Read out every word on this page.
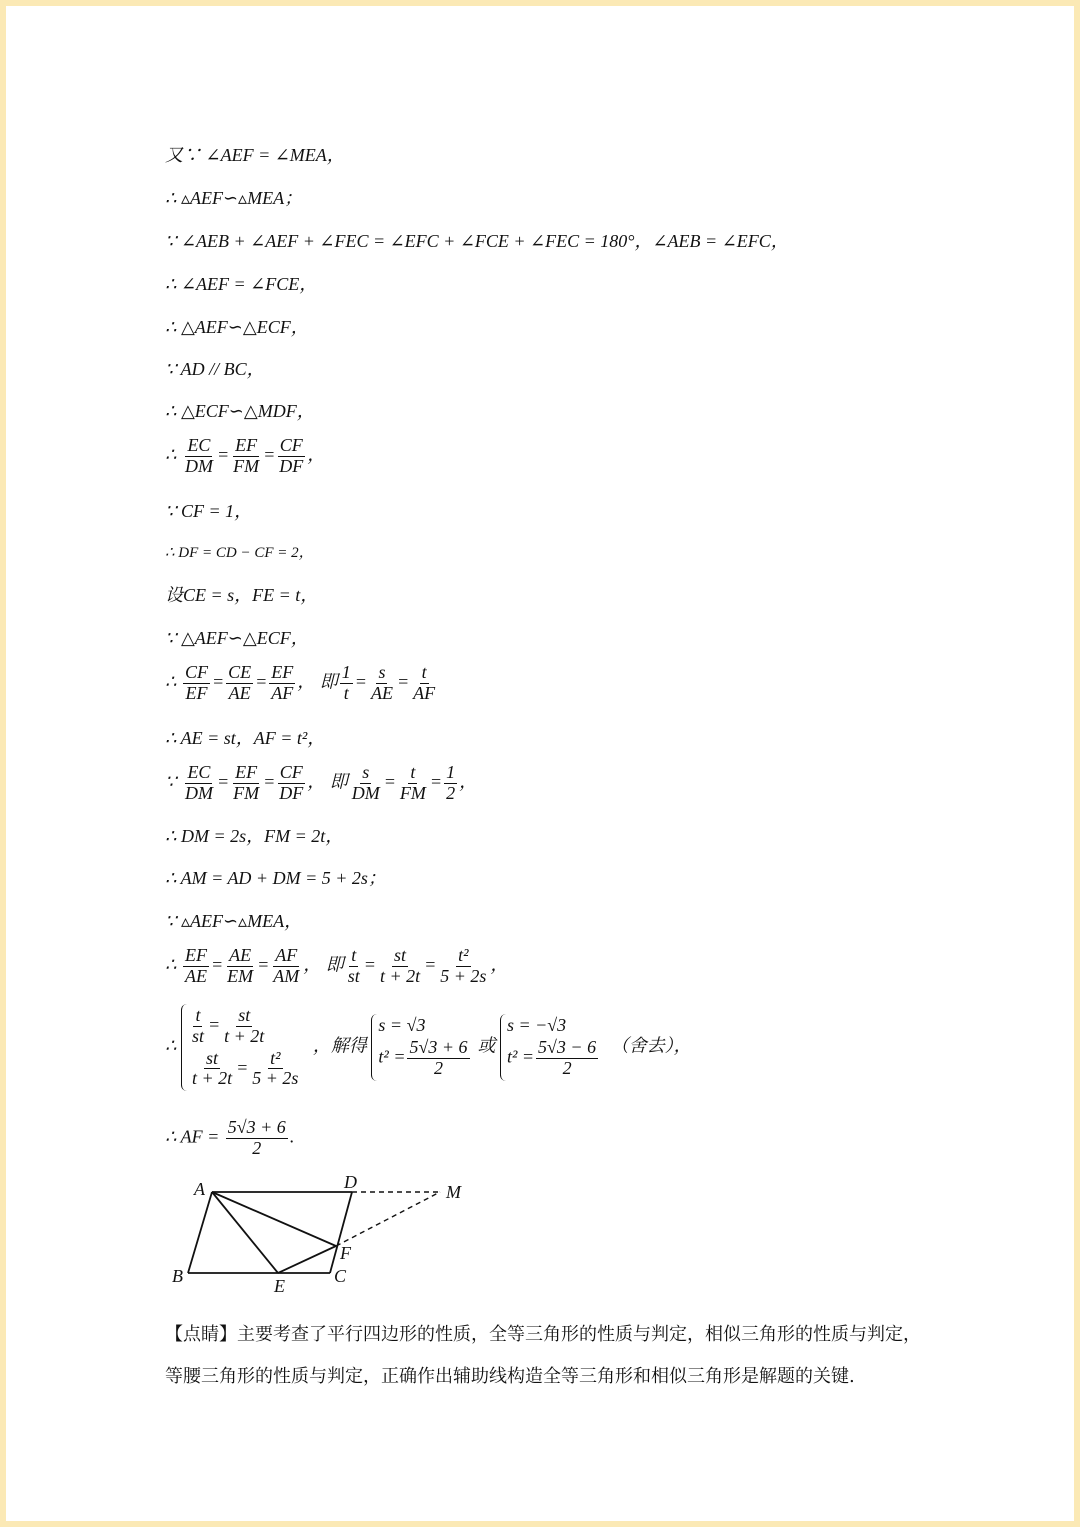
又∵ ∠AEF = ∠MEA，
∴ ▵AEF∽▵MEA；
∵ ∠AEB + ∠AEF + ∠FEC = ∠EFC + ∠FCE + ∠FEC = 180°，∠AEB = ∠EFC，
∴ ∠AEF = ∠FCE，
∴ △AEF∽△ECF，
∵ AD // BC，
∴ △ECF∽△MDF，
∴ $\frac{EC}{DM} = \frac{EF}{FM} = \frac{CF}{DF}$ ，
∵ CF = 1，
∴ DF = CD − CF = 2，
设CE = s，FE = t，
∵ △AEF∽△ECF，
∴ $\frac{CF}{EF} = \frac{CE}{AE} = \frac{EF}{AF}$ ， 即 $\frac{1}{t} = \frac{s}{AE} = \frac{t}{AF}$
∴ AE = st，AF = t²，
∵ $\frac{EC}{DM} = \frac{EF}{FM} = \frac{CF}{DF}$ ， 即 $\frac{s}{DM} = \frac{t}{FM} = \frac{1}{2}$ ，
∴ DM = 2s，FM = 2t，
∴ AM = AD + DM = 5 + 2s；
∵ ▵AEF∽▵MEA，
∴ $\frac{EF}{AE} = \frac{AE}{EM} = \frac{AF}{AM}$ ， 即 $\frac{t}{st} = \frac{st}{t + 2t} = \frac{\text{t²}}{5 + 2s}$ ，
∴ $\frac{t}{st} = \frac{st}{t + 2t}$
$\frac{st}{t + 2t} = \frac{\text{t²}}{5 + 2s}$
，解得
s = √3
$t^2 = \frac{5√3 + 6}{2}$ 或
s = −√3
$t^2 = \frac{5√3 - 6}{2}$ （舍去），
∴ AF = $\frac{5√3 + 6}{2}$ .
A	D	M
F
B	C
E
【点睛】主要考查了平行四边形的性质，全等三角形的性质与判定，相似三角形的性质与判定，等腰三角形的性质与判定，正确作出辅助线构造全等三角形和相似三角形是解题的关键.
